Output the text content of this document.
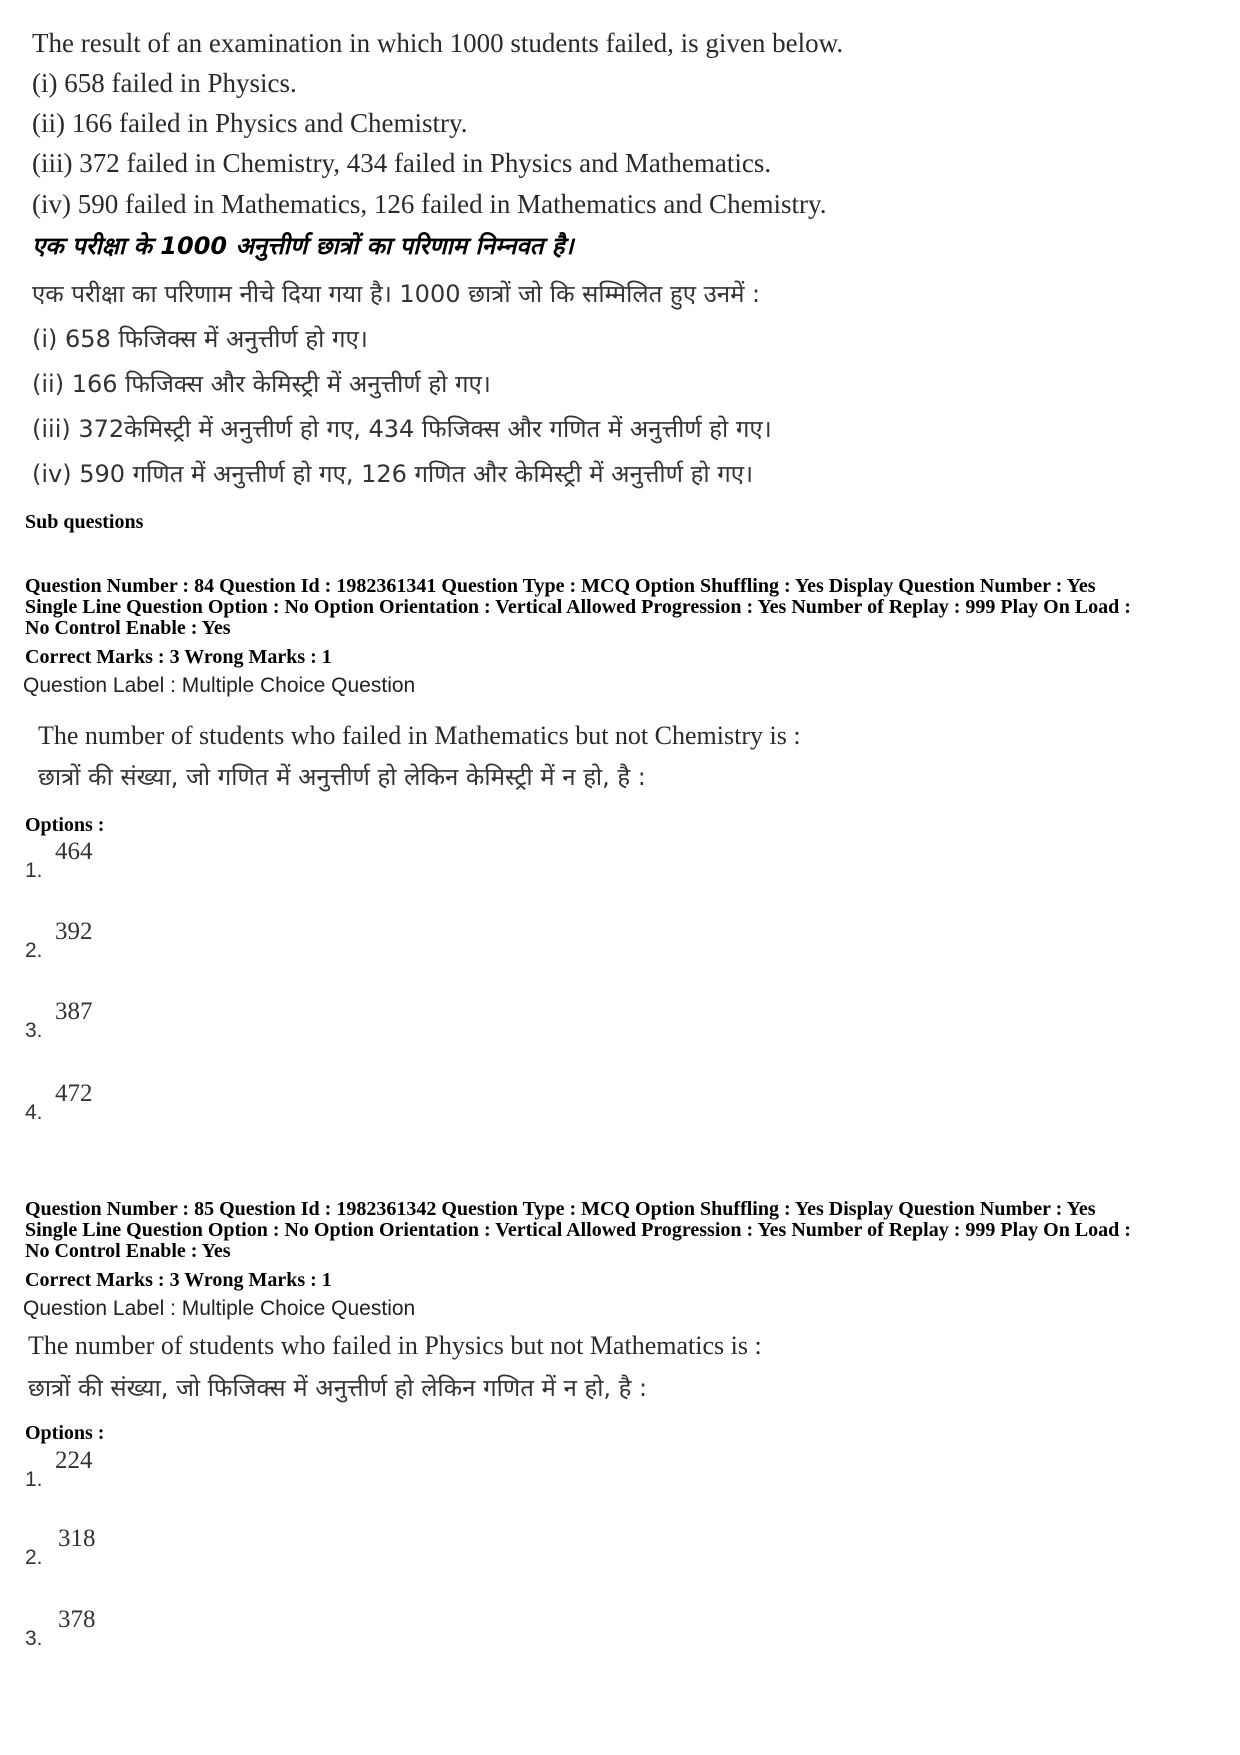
The result of an examination in which 1000 students failed, is given below.
(i) 658 failed in Physics.
(ii) 166 failed in Physics and Chemistry.
(iii) 372 failed in Chemistry, 434 failed in Physics and Mathematics.
(iv) 590 failed in Mathematics, 126 failed in Mathematics and Chemistry.
एक परीक्षा के 1000 अनुत्तीर्ण छात्रों का परिणाम निम्नवत है।
एक परीक्षा का परिणाम नीचे दिया गया है। 1000 छात्रों जो कि सम्मिलित हुए उनमें :
(i) 658 फिजिक्स में अनुत्तीर्ण हो गए।
(ii) 166 फिजिक्स और केमिस्ट्री में अनुत्तीर्ण हो गए।
(iii) 372केमिस्ट्री में अनुत्तीर्ण हो गए, 434 फिजिक्स और गणित में अनुत्तीर्ण हो गए।
(iv) 590 गणित में अनुत्तीर्ण हो गए, 126 गणित और केमिस्ट्री में अनुत्तीर्ण हो गए।
Sub questions
Question Number : 84 Question Id : 1982361341 Question Type : MCQ Option Shuffling : Yes Display Question Number : Yes
Single Line Question Option : No Option Orientation : Vertical Allowed Progression : Yes Number of Replay : 999 Play On Load :
No Control Enable : Yes
Correct Marks : 3 Wrong Marks : 1
Question Label : Multiple Choice Question
The number of students who failed in Mathematics but not Chemistry is :
छात्रों की संख्या, जो गणित में अनुत्तीर्ण हो लेकिन केमिस्ट्री में न हो, है :
Options :
1.
464
2.
392
3.
387
4.
472
Question Number : 85 Question Id : 1982361342 Question Type : MCQ Option Shuffling : Yes Display Question Number : Yes
Single Line Question Option : No Option Orientation : Vertical Allowed Progression : Yes Number of Replay : 999 Play On Load :
No Control Enable : Yes
Correct Marks : 3 Wrong Marks : 1
Question Label : Multiple Choice Question
The number of students who failed in Physics but not Mathematics is :
छात्रों की संख्या, जो फिजिक्स में अनुत्तीर्ण हो लेकिन गणित में न हो, है :
Options :
1.
224
2.
318
3.
378
